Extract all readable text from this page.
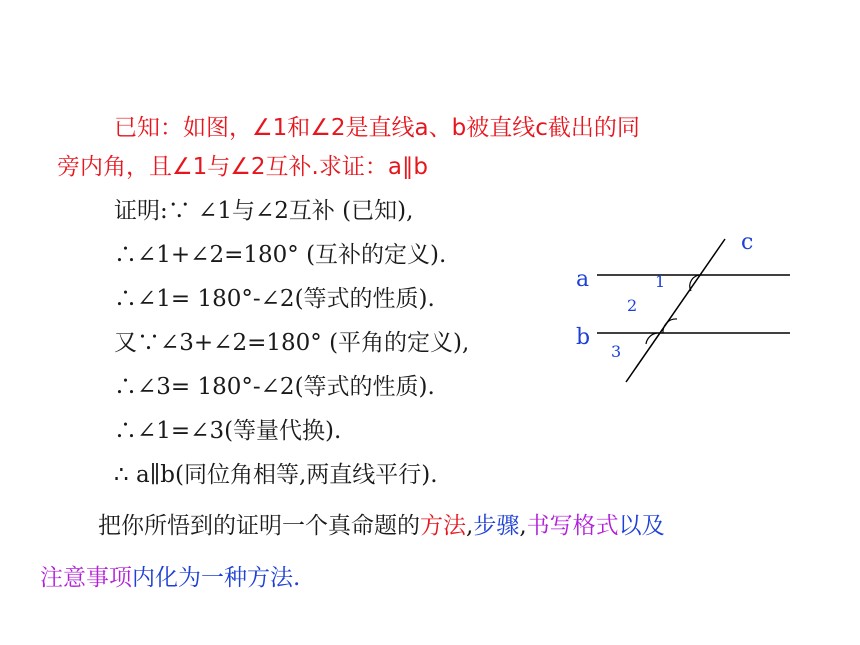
已知：如图，∠1和∠2是直线a、b被直线c截出的同
旁内角，且∠1与∠2互补.求证：a∥b
证明:∵ ∠1与∠2互补 (已知),
∴∠1+∠2=180° (互补的定义).
∴∠1= 180°-∠2(等式的性质).
又∵∠3+∠2=180° (平角的定义),
∴∠3= 180°-∠2(等式的性质).
∴∠1=∠3(等量代换).
∴ a∥b(同位角相等,两直线平行).
把你所悟到的证明一个真命题的方法,步骤,书写格式以及
注意事项内化为一种方法.
c
a
b
1
2
3
